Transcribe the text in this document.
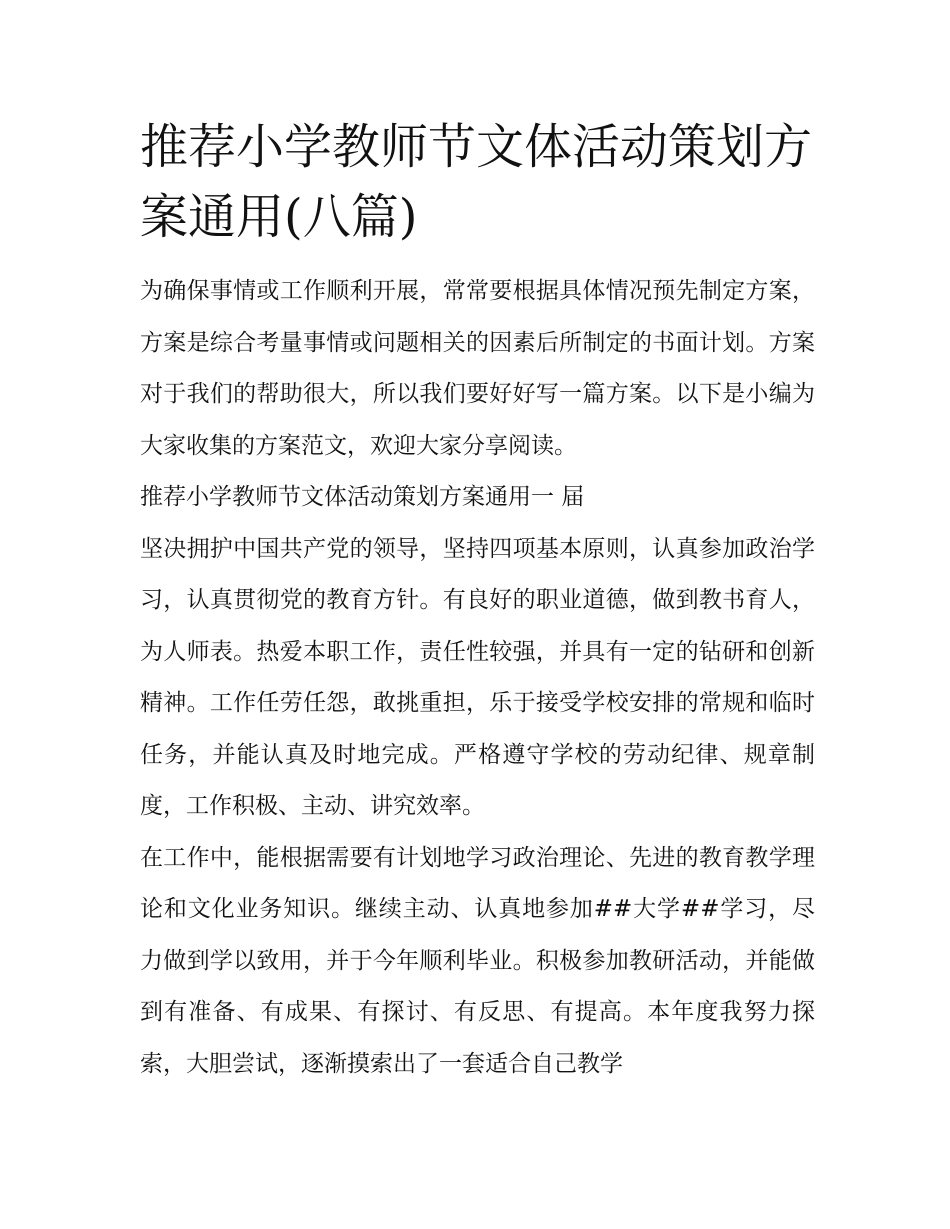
推荐小学教师节文体活动策划方案通用(八篇)

为确保事情或工作顺利开展，常常要根据具体情况预先制定方案，方案是综合考量事情或问题相关的因素后所制定的书面计划。方案对于我们的帮助很大，所以我们要好好写一篇方案。以下是小编为大家收集的方案范文，欢迎大家分享阅读。

推荐小学教师节文体活动策划方案通用一 届

坚决拥护中国共产党的领导，坚持四项基本原则，认真参加政治学习，认真贯彻党的教育方针。有良好的职业道德，做到教书育人，为人师表。热爱本职工作，责任性较强，并具有一定的钻研和创新精神。工作任劳任怨，敢挑重担，乐于接受学校安排的常规和临时任务，并能认真及时地完成。严格遵守学校的劳动纪律、规章制度，工作积极、主动、讲究效率。

在工作中，能根据需要有计划地学习政治理论、先进的教育教学理论和文化业务知识。继续主动、认真地参加##大学##学习，尽力做到学以致用，并于今年顺利毕业。积极参加教研活动，并能做到有准备、有成果、有探讨、有反思、有提高。本年度我努力探索，大胆尝试，逐渐摸索出了一套适合自己教学
